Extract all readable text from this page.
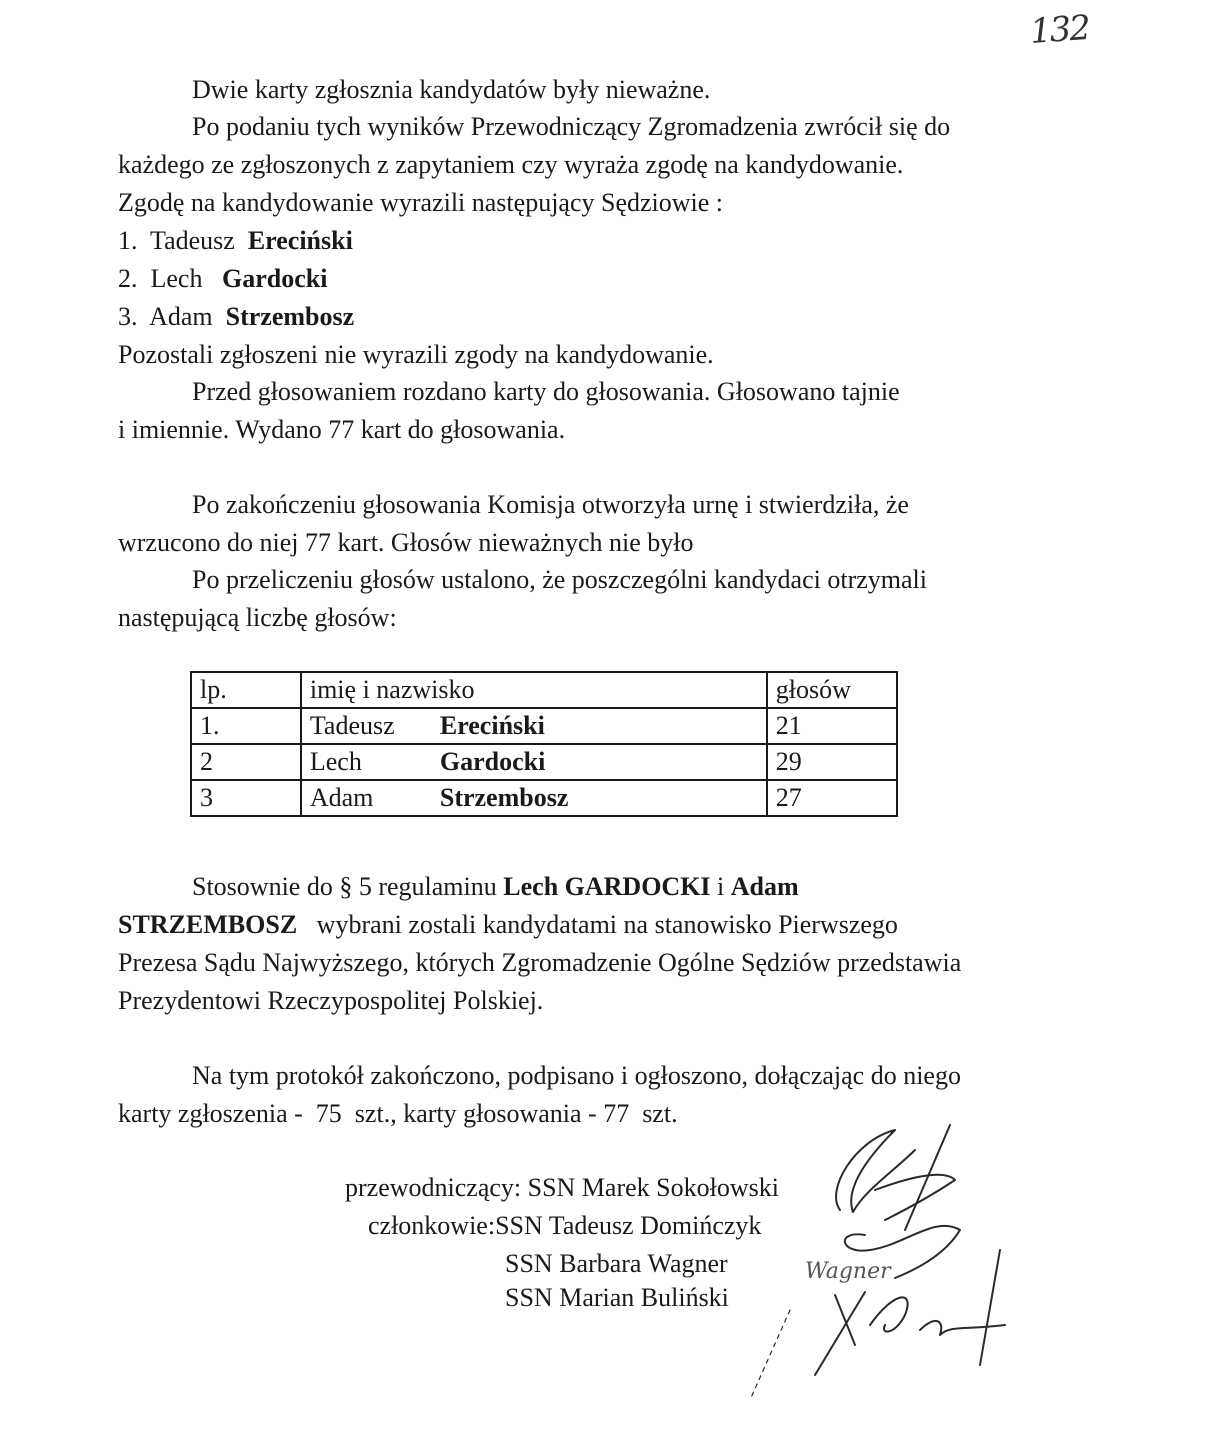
132
Dwie karty zgłosznia kandydatów były nieważne.
Po podaniu tych wyników Przewodniczący Zgromadzenia zwrócił się do
każdego ze zgłoszonych z zapytaniem czy wyraża zgodę na kandydowanie.
Zgodę na kandydowanie wyrazili następujący Sędziowie :
1. Tadeusz Ereciński
2. Lech Gardocki
3. Adam Strzembosz
Pozostali zgłoszeni nie wyrazili zgody na kandydowanie.
Przed głosowaniem rozdano karty do głosowania. Głosowano tajnie
i imiennie. Wydano 77 kart do głosowania.
Po zakończeniu głosowania Komisja otworzyła urnę i stwierdziła, że
wrzucono do niej 77 kart. Głosów nieważnych nie było
Po przeliczeniu głosów ustalono, że poszczególni kandydaci otrzymali
następującą liczbę głosów:
lp.	imię i nazwisko	głosów
1.	Tadeusz Ereciński	21
2	Lech Gardocki	29
3	Adam Strzembosz	27
Stosownie do § 5 regulaminu Lech GARDOCKI i Adam
STRZEMBOSZ   wybrani zostali kandydatami na stanowisko Pierwszego
Prezesa Sądu Najwyższego, których Zgromadzenie Ogólne Sędziów przedstawia
Prezydentowi Rzeczypospolitej Polskiej.
Na tym protokół zakończono, podpisano i ogłoszono, dołączając do niego
karty zgłoszenia -  75  szt., karty głosowania - 77  szt.
przewodniczący: SSN Marek Sokołowski
członkowie:SSN Tadeusz Domińczyk
SSN Barbara Wagner
SSN Marian Buliński
Wagner
